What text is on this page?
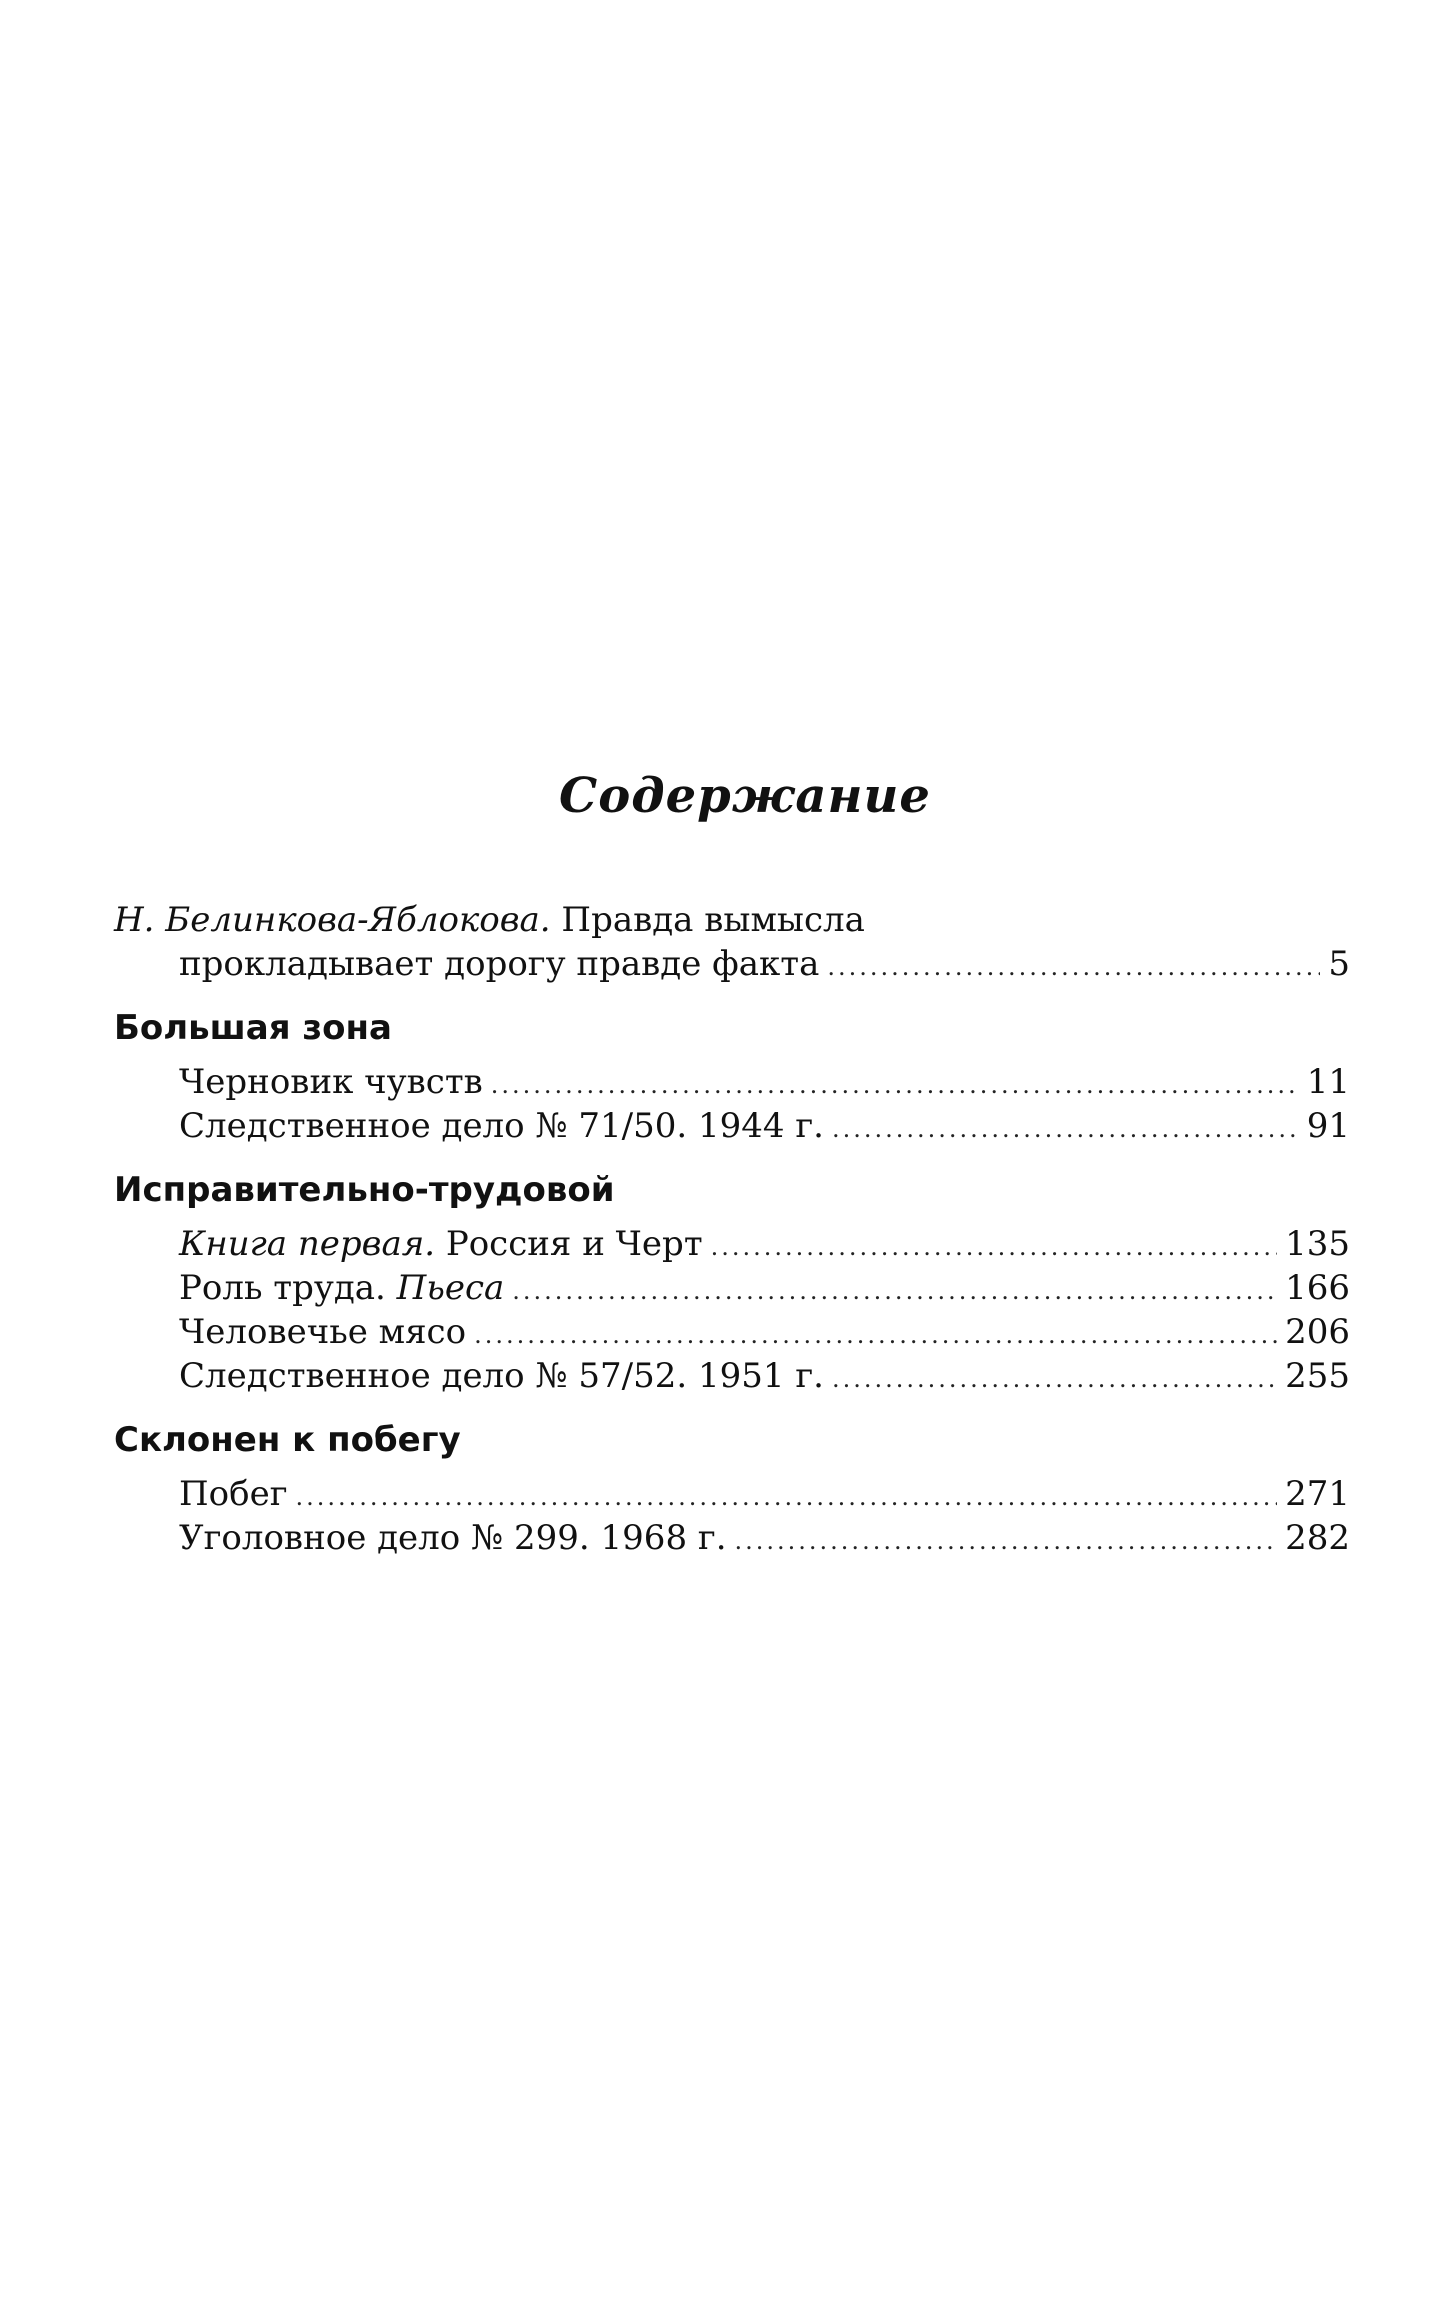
Содержание
Н. Белинкова-Яблокова. Правда вымысла
прокладывает дорогу правде факта .....	5
Большая зона
Черновик чувств .....	11
Следственное дело № 71/50. 1944 г. .....	91
Исправительно-трудовой
Книга первая. Россия и Черт .....	135
Роль труда. Пьеса .....	166
Человечье мясо .....	206
Следственное дело № 57/52. 1951 г. .....	255
Склонен к побегу
Побег .....	271
Уголовное дело № 299. 1968 г. .....	282
